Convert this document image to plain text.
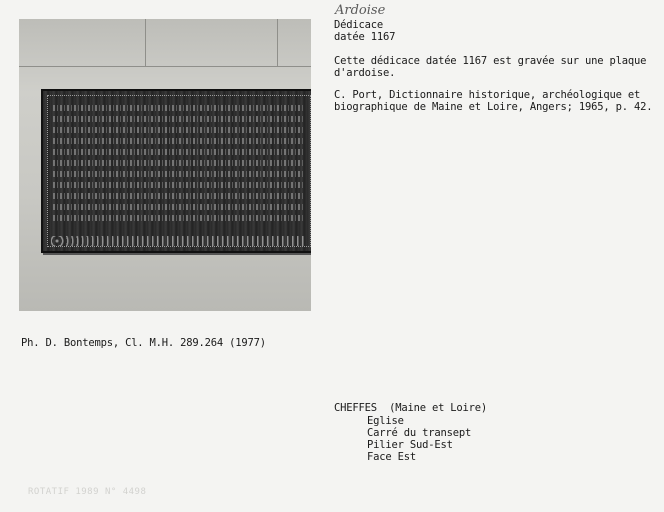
Ardoise
Dédicace
datée 1167
Cette dédicace datée 1167 est gravée sur une plaque
d'ardoise.
C. Port, Dictionnaire historique, archéologique et
biographique de Maine et Loire, Angers; 1965, p. 42.
Ph. D. Bontemps, Cl. M.H. 289.264 (1977)
CHEFFES  (Maine et Loire)
Eglise
Carré du transept
Pilier Sud-Est
Face Est
ROTATIF 1989 N° 4498
